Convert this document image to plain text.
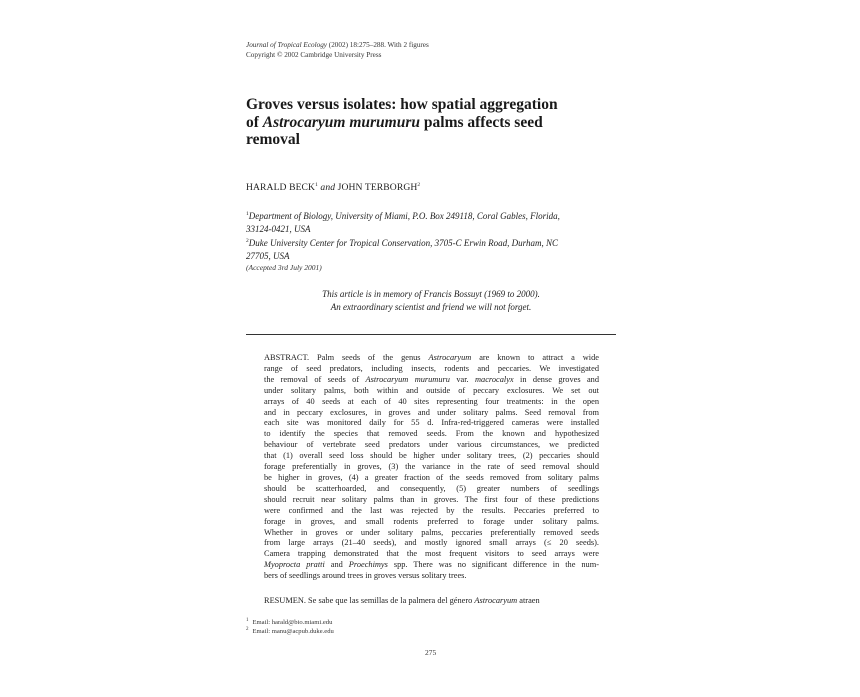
Journal of Tropical Ecology (2002) 18:275–288. With 2 figures
Copyright © 2002 Cambridge University Press
Groves versus isolates: how spatial aggregation
of Astrocaryum murumuru palms affects seed
removal
HARALD BECK$^1$ and JOHN TERBORGH$^2$
$^1$Department of Biology, University of Miami, P.O. Box 249118, Coral Gables, Florida,
33124-0421, USA
$^2$Duke University Center for Tropical Conservation, 3705-C Erwin Road, Durham, NC
27705, USA
(Accepted 3rd July 2001)
This article is in memory of Francis Bossuyt (1969 to 2000).
An extraordinary scientist and friend we will not forget.
ABSTRACT. Palm seeds of the genus Astrocaryum are known to attract a wide
range of seed predators, including insects, rodents and peccaries. We investigated
the removal of seeds of Astrocaryum murumuru var. macrocalyx in dense groves and
under solitary palms, both within and outside of peccary exclosures. We set out
arrays of 40 seeds at each of 40 sites representing four treatments: in the open
and in peccary exclosures, in groves and under solitary palms. Seed removal from
each site was monitored daily for 55 d. Infra-red-triggered cameras were installed
to identify the species that removed seeds. From the known and hypothesized
behaviour of vertebrate seed predators under various circumstances, we predicted
that (1) overall seed loss should be higher under solitary trees, (2) peccaries should
forage preferentially in groves, (3) the variance in the rate of seed removal should
be higher in groves, (4) a greater fraction of the seeds removed from solitary palms
should be scatterhoarded, and consequently, (5) greater numbers of seedlings
should recruit near solitary palms than in groves. The first four of these predictions
were confirmed and the last was rejected by the results. Peccaries preferred to
forage in groves, and small rodents preferred to forage under solitary palms.
Whether in groves or under solitary palms, peccaries preferentially removed seeds
from large arrays (21–40 seeds), and mostly ignored small arrays (≤ 20 seeds).
Camera trapping demonstrated that the most frequent visitors to seed arrays were
Myoprocta pratti and Proechimys spp. There was no significant difference in the num-
bers of seedlings around trees in groves versus solitary trees.
RESUMEN. Se sabe que las semillas de la palmera del género Astrocaryum atraen
$^1$ Email: harald@bio.miami.edu
$^2$ Email: manu@acpub.duke.edu
275
